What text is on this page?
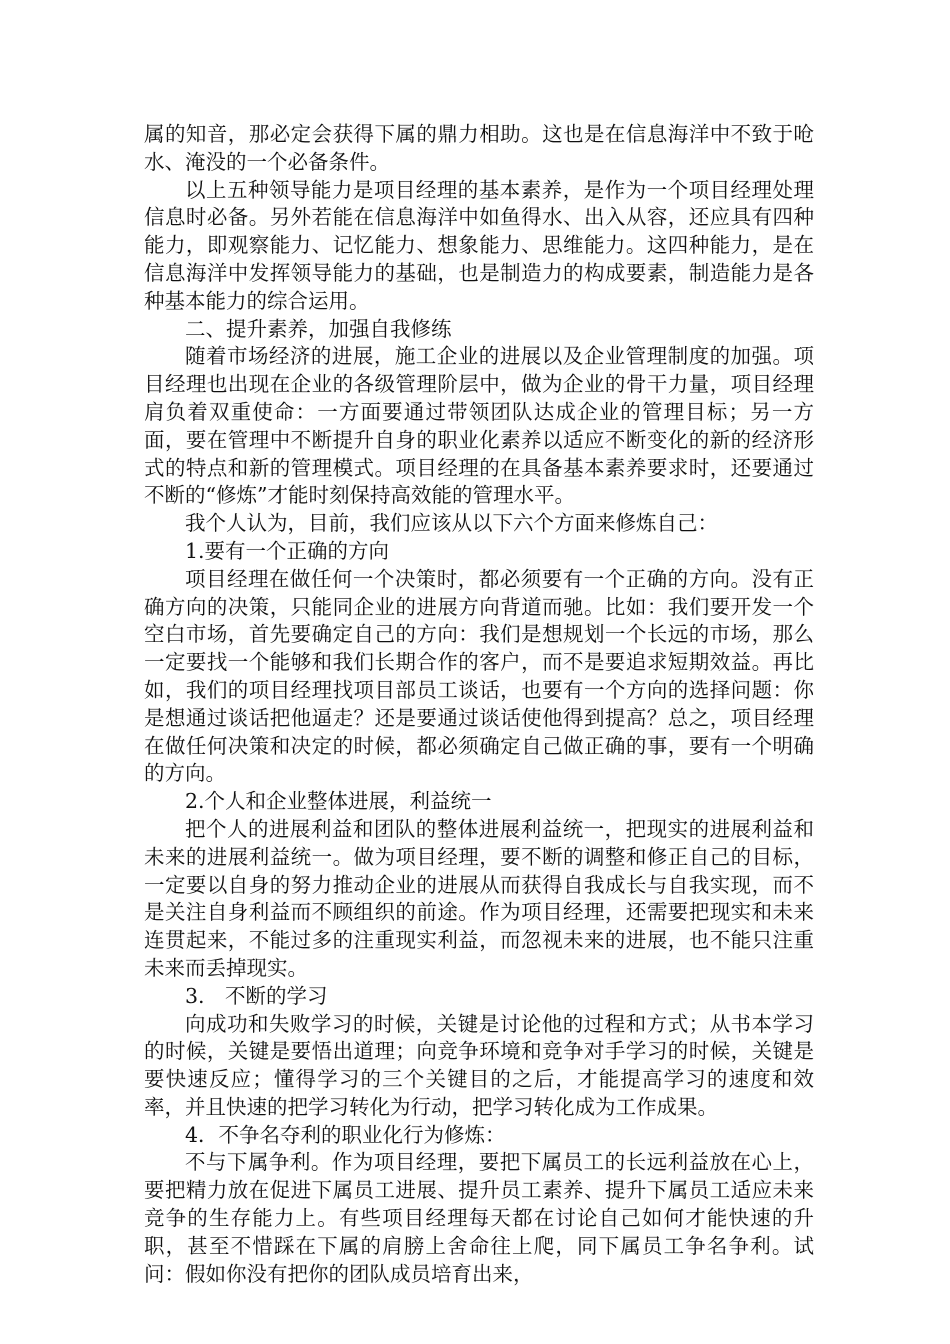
属的知音，那必定会获得下属的鼎力相助。这也是在信息海洋中不致于呛水、淹没的一个必备条件。

以上五种领导能力是项目经理的基本素养，是作为一个项目经理处理信息时必备。另外若能在信息海洋中如鱼得水、出入从容，还应具有四种能力，即观察能力、记忆能力、想象能力、思维能力。这四种能力，是在信息海洋中发挥领导能力的基础，也是制造力的构成要素，制造能力是各种基本能力的综合运用。

二、提升素养，加强自我修练

随着市场经济的进展，施工企业的进展以及企业管理制度的加强。项目经理也出现在企业的各级管理阶层中，做为企业的骨干力量，项目经理肩负着双重使命：一方面要通过带领团队达成企业的管理目标；另一方面，要在管理中不断提升自身的职业化素养以适应不断变化的新的经济形式的特点和新的管理模式。项目经理的在具备基本素养要求时，还要通过不断的“修炼”才能时刻保持高效能的管理水平。

我个人认为，目前，我们应该从以下六个方面来修炼自己：

1.要有一个正确的方向

项目经理在做任何一个决策时，都必须要有一个正确的方向。没有正确方向的决策，只能同企业的进展方向背道而驰。比如：我们要开发一个空白市场，首先要确定自己的方向：我们是想规划一个长远的市场，那么一定要找一个能够和我们长期合作的客户，而不是要追求短期效益。再比如，我们的项目经理找项目部员工谈话，也要有一个方向的选择问题：你是想通过谈话把他逼走？还是要通过谈话使他得到提高？总之，项目经理在做任何决策和决定的时候，都必须确定自己做正确的事，要有一个明确的方向。

2.个人和企业整体进展，利益统一

把个人的进展利益和团队的整体进展利益统一，把现实的进展利益和未来的进展利益统一。做为项目经理，要不断的调整和修正自己的目标，一定要以自身的努力推动企业的进展从而获得自我成长与自我实现，而不是关注自身利益而不顾组织的前途。作为项目经理，还需要把现实和未来连贯起来，不能过多的注重现实利益，而忽视未来的进展，也不能只注重未来而丢掉现实。

3.　不断的学习

向成功和失败学习的时候，关键是讨论他的过程和方式；从书本学习的时候，关键是要悟出道理；向竞争环境和竞争对手学习的时候，关键是要快速反应；懂得学习的三个关键目的之后，才能提高学习的速度和效率，并且快速的把学习转化为行动，把学习转化成为工作成果。

4．不争名夺利的职业化行为修炼：

不与下属争利。作为项目经理，要把下属员工的长远利益放在心上，要把精力放在促进下属员工进展、提升员工素养、提升下属员工适应未来竞争的生存能力上。有些项目经理每天都在讨论自己如何才能快速的升职，甚至不惜踩在下属的肩膀上舍命往上爬，同下属员工争名争利。试问：假如你没有把你的团队成员培育出来，
